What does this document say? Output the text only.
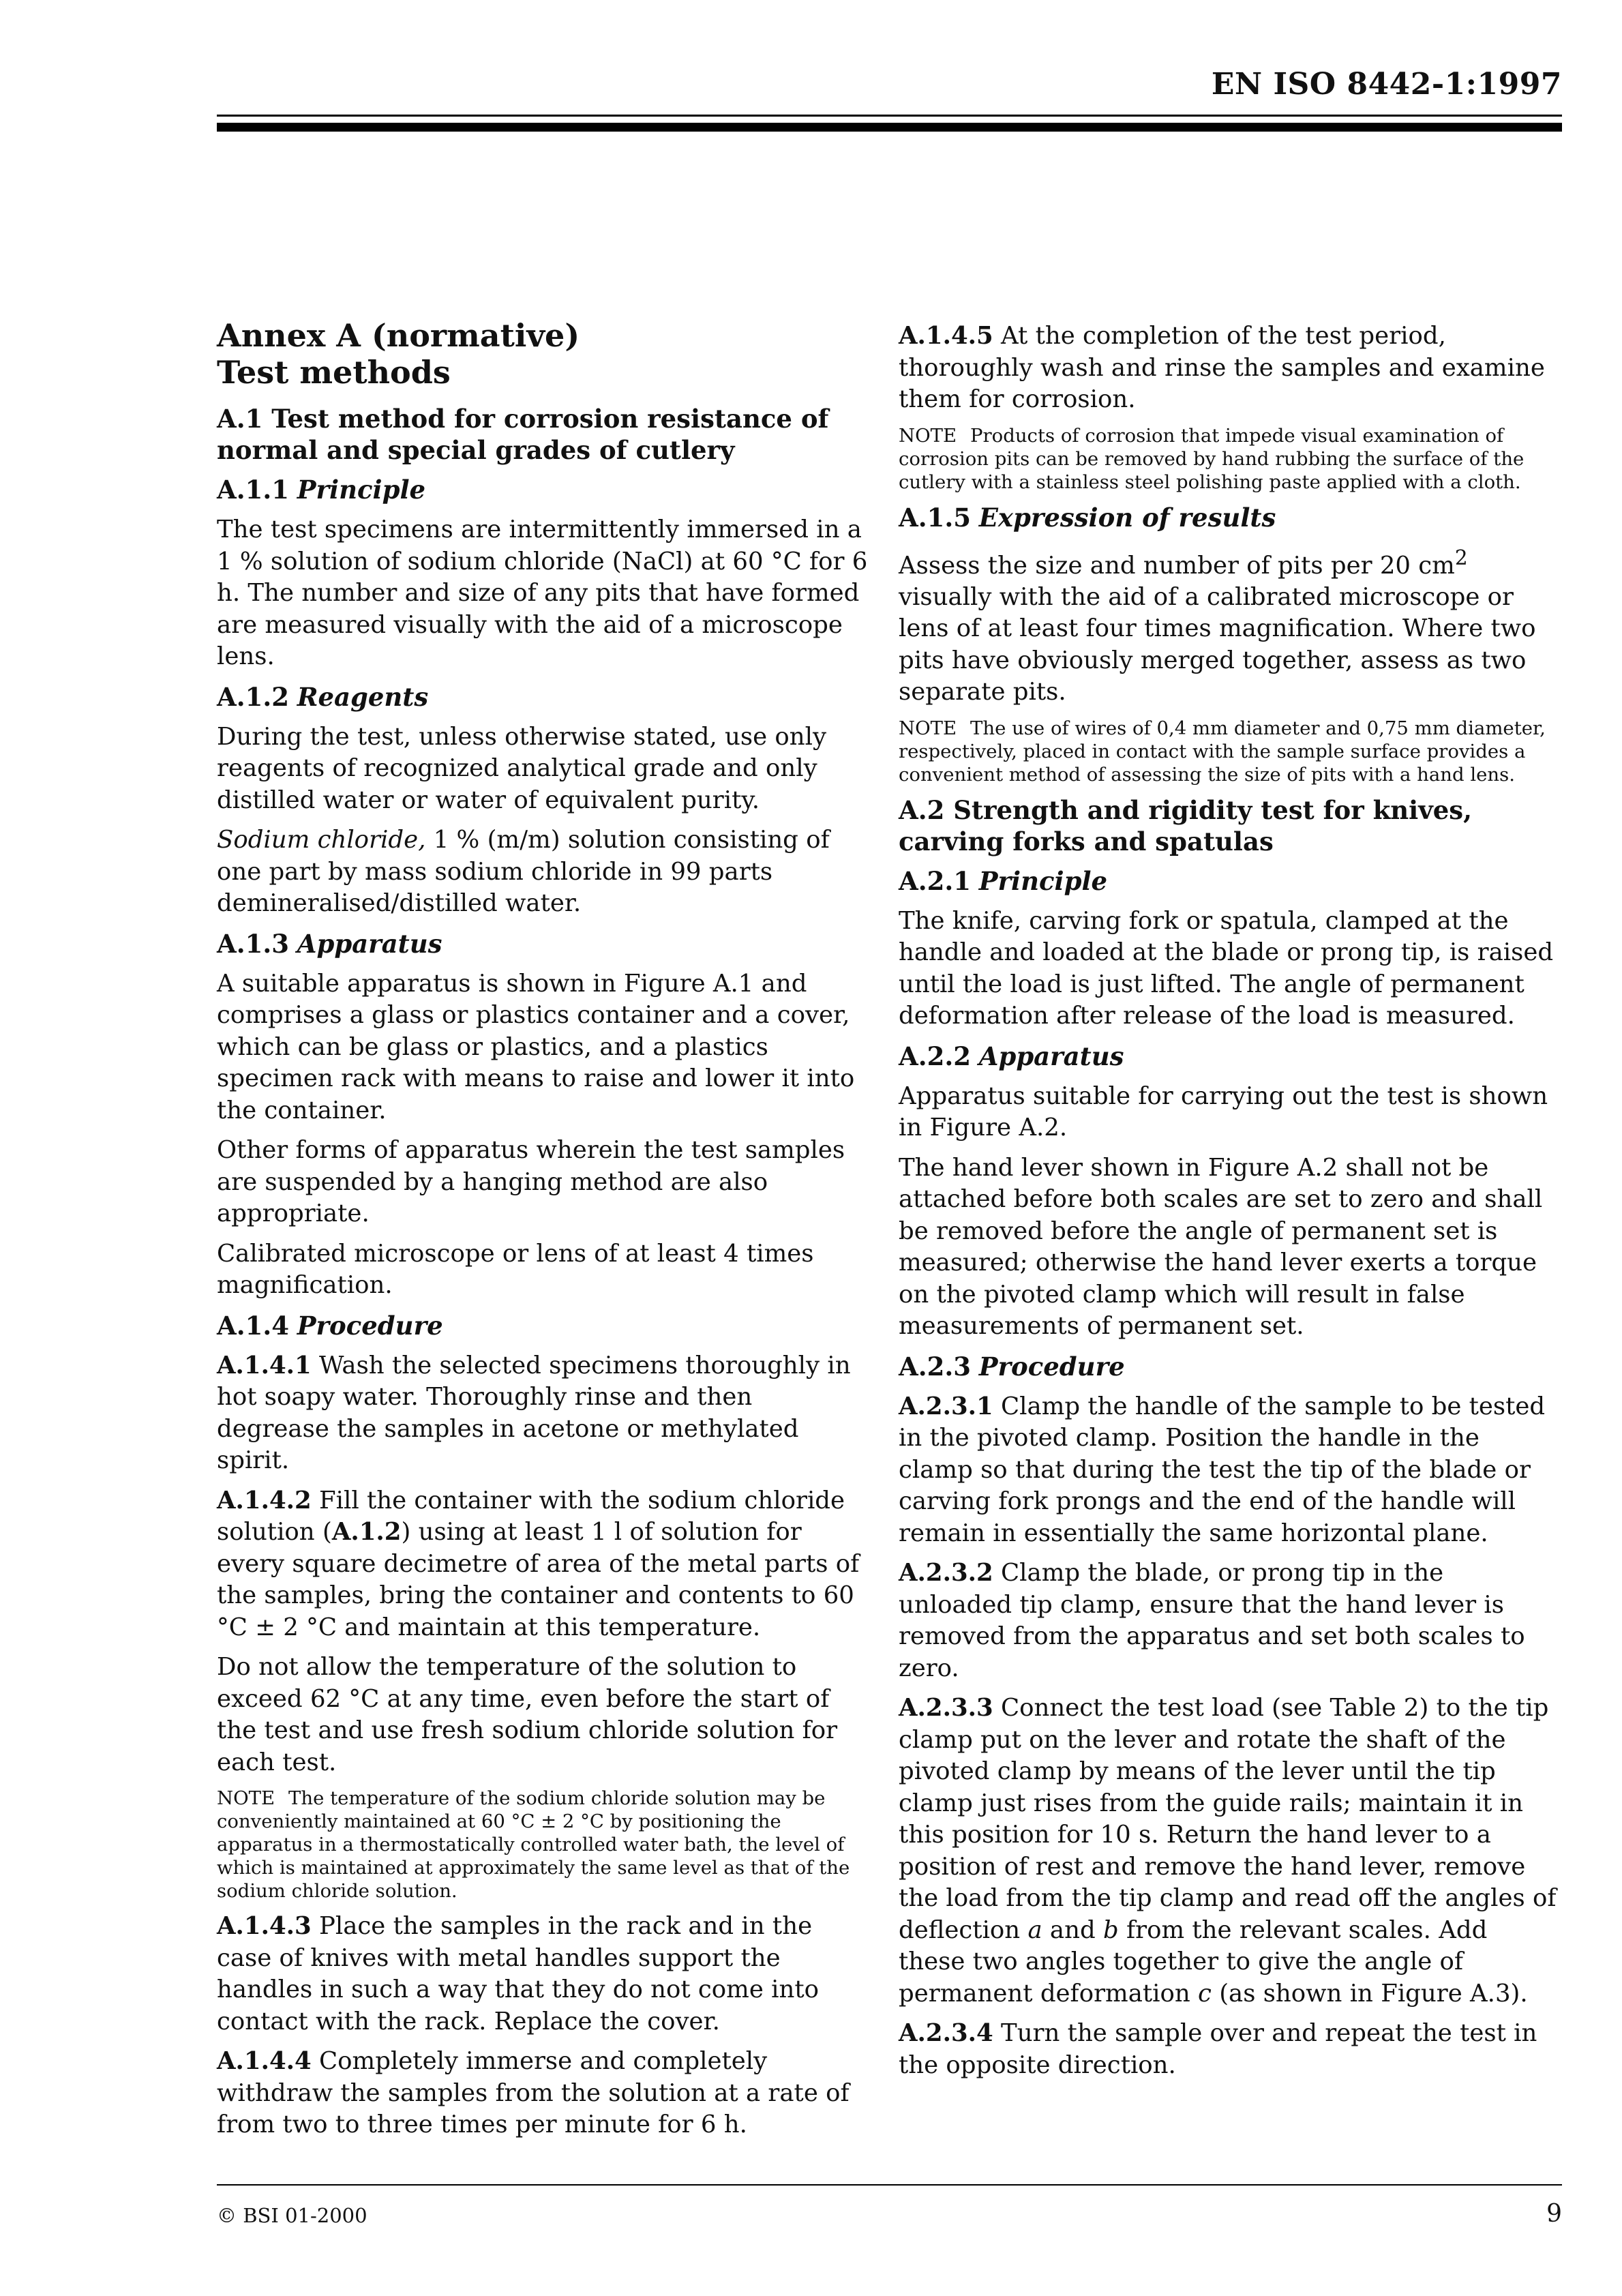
EN ISO 8442-1:1997
Annex A (normative)
Test methods
A.1 Test method for corrosion resistance of normal and special grades of cutlery
A.1.1 Principle

The test specimens are intermittently immersed in a 1 % solution of sodium chloride (NaCl) at 60 °C for 6 h. The number and size of any pits that have formed are measured visually with the aid of a microscope lens.

A.1.2 Reagents

During the test, unless otherwise stated, use only reagents of recognized analytical grade and only distilled water or water of equivalent purity.

Sodium chloride, 1 % (m/m) solution consisting of one part by mass sodium chloride in 99 parts demineralised/distilled water.

A.1.3 Apparatus

A suitable apparatus is shown in Figure A.1 and comprises a glass or plastics container and a cover, which can be glass or plastics, and a plastics specimen rack with means to raise and lower it into the container.

Other forms of apparatus wherein the test samples are suspended by a hanging method are also appropriate.

Calibrated microscope or lens of at least 4 times magnification.

A.1.4 Procedure

A.1.4.1 Wash the selected specimens thoroughly in hot soapy water. Thoroughly rinse and then degrease the samples in acetone or methylated spirit.

A.1.4.2 Fill the container with the sodium chloride solution (A.1.2) using at least 1 l of solution for every square decimetre of area of the metal parts of the samples, bring the container and contents to 60 °C ± 2 °C and maintain at this temperature.

Do not allow the temperature of the solution to exceed 62 °C at any time, even before the start of the test and use fresh sodium chloride solution for each test.

NOTE The temperature of the sodium chloride solution may be conveniently maintained at 60 °C ± 2 °C by positioning the apparatus in a thermostatically controlled water bath, the level of which is maintained at approximately the same level as that of the sodium chloride solution.

A.1.4.3 Place the samples in the rack and in the case of knives with metal handles support the handles in such a way that they do not come into contact with the rack. Replace the cover.

A.1.4.4 Completely immerse and completely withdraw the samples from the solution at a rate of from two to three times per minute for 6 h.

A.1.4.5 At the completion of the test period, thoroughly wash and rinse the samples and examine them for corrosion.

NOTE Products of corrosion that impede visual examination of corrosion pits can be removed by hand rubbing the surface of the cutlery with a stainless steel polishing paste applied with a cloth.

A.1.5 Expression of results

Assess the size and number of pits per 20 $cm^2$ visually with the aid of a calibrated microscope or lens of at least four times magnification. Where two pits have obviously merged together, assess as two separate pits.

NOTE The use of wires of 0,4 mm diameter and 0,75 mm diameter, respectively, placed in contact with the sample surface provides a convenient method of assessing the size of pits with a hand lens.

A.2 Strength and rigidity test for knives, carving forks and spatulas
A.2.1 Principle

The knife, carving fork or spatula, clamped at the handle and loaded at the blade or prong tip, is raised until the load is just lifted. The angle of permanent deformation after release of the load is measured.

A.2.2 Apparatus

Apparatus suitable for carrying out the test is shown in Figure A.2.

The hand lever shown in Figure A.2 shall not be attached before both scales are set to zero and shall be removed before the angle of permanent set is measured; otherwise the hand lever exerts a torque on the pivoted clamp which will result in false measurements of permanent set.

A.2.3 Procedure

A.2.3.1 Clamp the handle of the sample to be tested in the pivoted clamp. Position the handle in the clamp so that during the test the tip of the blade or carving fork prongs and the end of the handle will remain in essentially the same horizontal plane.

A.2.3.2 Clamp the blade, or prong tip in the unloaded tip clamp, ensure that the hand lever is removed from the apparatus and set both scales to zero.

A.2.3.3 Connect the test load (see Table 2) to the tip clamp put on the lever and rotate the shaft of the pivoted clamp by means of the lever until the tip clamp just rises from the guide rails; maintain it in this position for 10 s. Return the hand lever to a position of rest and remove the hand lever, remove the load from the tip clamp and read off the angles of deflection a and b from the relevant scales. Add these two angles together to give the angle of permanent deformation c (as shown in Figure A.3).

A.2.3.4 Turn the sample over and repeat the test in the opposite direction.

© BSI 01-2000	9
